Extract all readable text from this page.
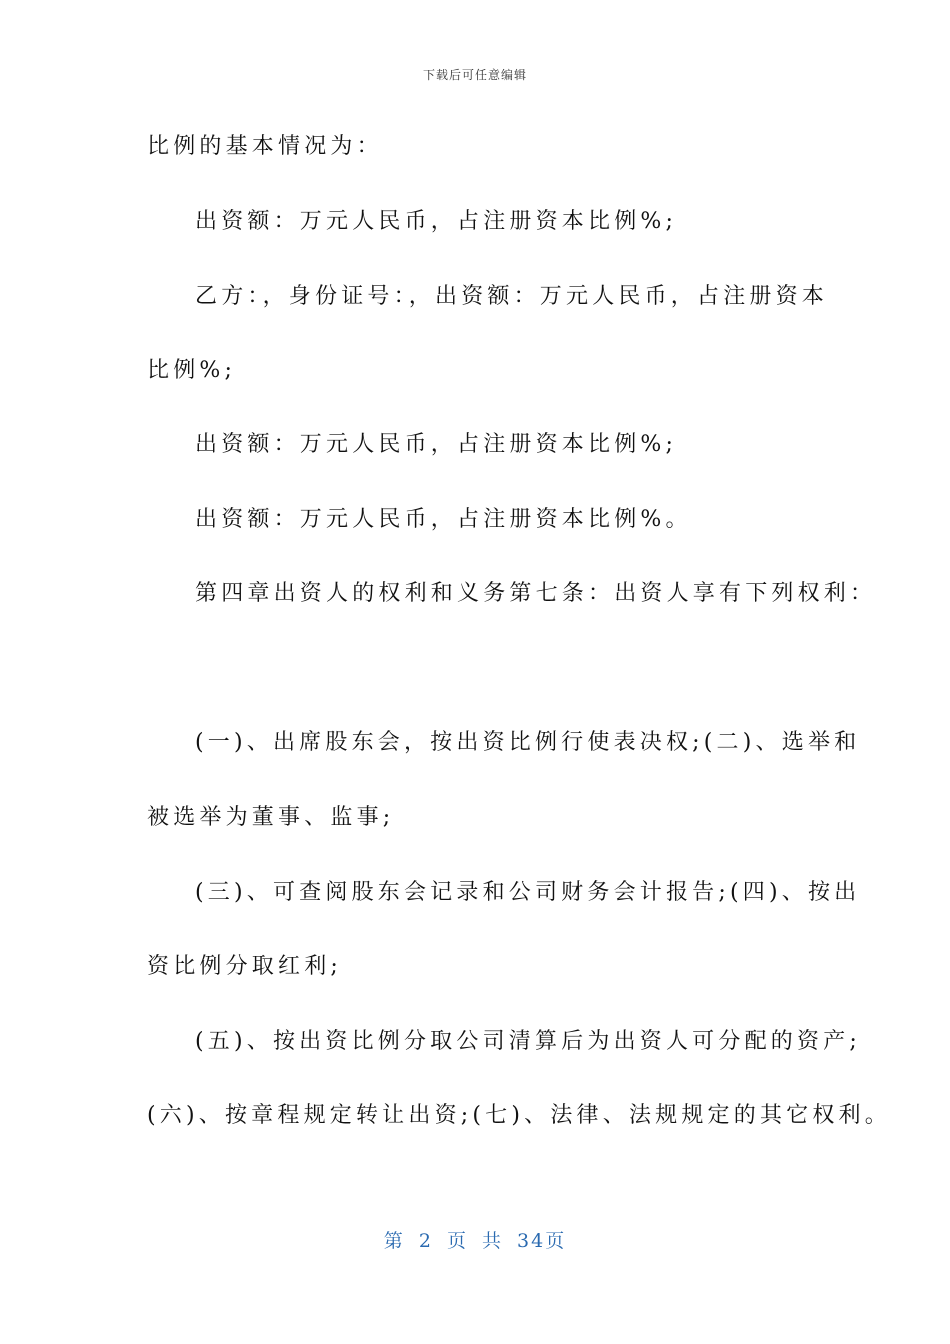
下载后可任意编辑
比例的基本情况为：
出资额：万元人民币，占注册资本比例%;
乙方：，身份证号：，出资额：万元人民币，占注册资本
比例%;
出资额：万元人民币，占注册资本比例%;
出资额：万元人民币，占注册资本比例%。
第四章出资人的权利和义务第七条：出资人享有下列权利：
(一)、出席股东会，按出资比例行使表决权;(二)、选举和
被选举为董事、监事;
(三)、可查阅股东会记录和公司财务会计报告;(四)、按出
资比例分取红利;
(五)、按出资比例分取公司清算后为出资人可分配的资产;
(六)、按章程规定转让出资;(七)、法律、法规规定的其它权利。
第 2 页 共 34页
